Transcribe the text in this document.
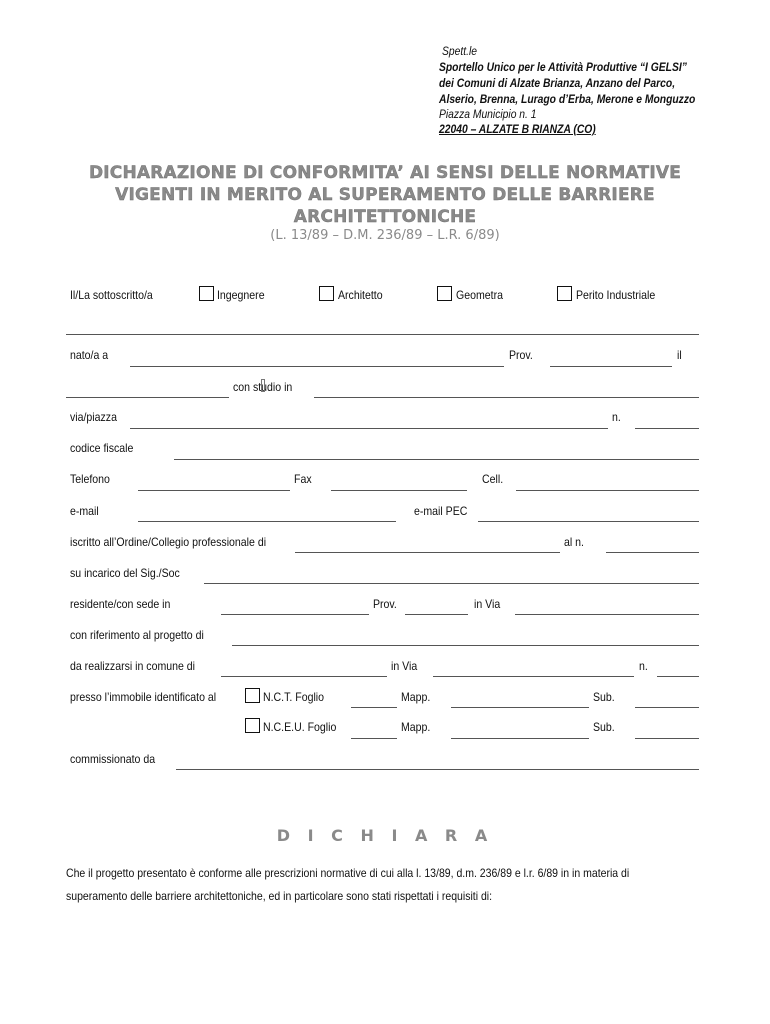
Spett.le
Sportello Unico per le Attività Produttive “I GELSI”
dei Comuni di Alzate Brianza, Anzano del Parco,
Alserio, Brenna, Lurago d’Erba, Merone e Monguzzo
Piazza Municipio n. 1
22040 – ALZATE B RIANZA (CO)
DICHARAZIONE DI CONFORMITA’ AI SENSI DELLE NORMATIVE
VIGENTI IN MERITO AL SUPERAMENTO DELLE BARRIERE
ARCHITETTONICHE
(L. 13/89 – D.M. 236/89 – L.R. 6/89)
Il/La sottoscritto/a	Ingegnere	Architetto	Geometra	Perito Industriale
nato/a a	Prov.	il
con studio in
via/piazza	n.
codice fiscale
Telefono	Fax	Cell.
e-mail	e-mail PEC
iscritto all’Ordine/Collegio professionale di	al n.
su incarico del Sig./Soc
residente/con sede in	Prov.	in Via
con riferimento al progetto di
da realizzarsi in comune di	in Via	n.
presso l’immobile identificato al	N.C.T. Foglio	Mapp.	Sub.
N.C.E.U. Foglio	Mapp.	Sub.
commissionato da
D I C H I A R A
Che il progetto presentato è conforme alle prescrizioni normative di cui alla l. 13/89, d.m. 236/89 e l.r. 6/89 in in materia di
superamento delle barriere architettoniche, ed in particolare sono stati rispettati i requisiti di:
